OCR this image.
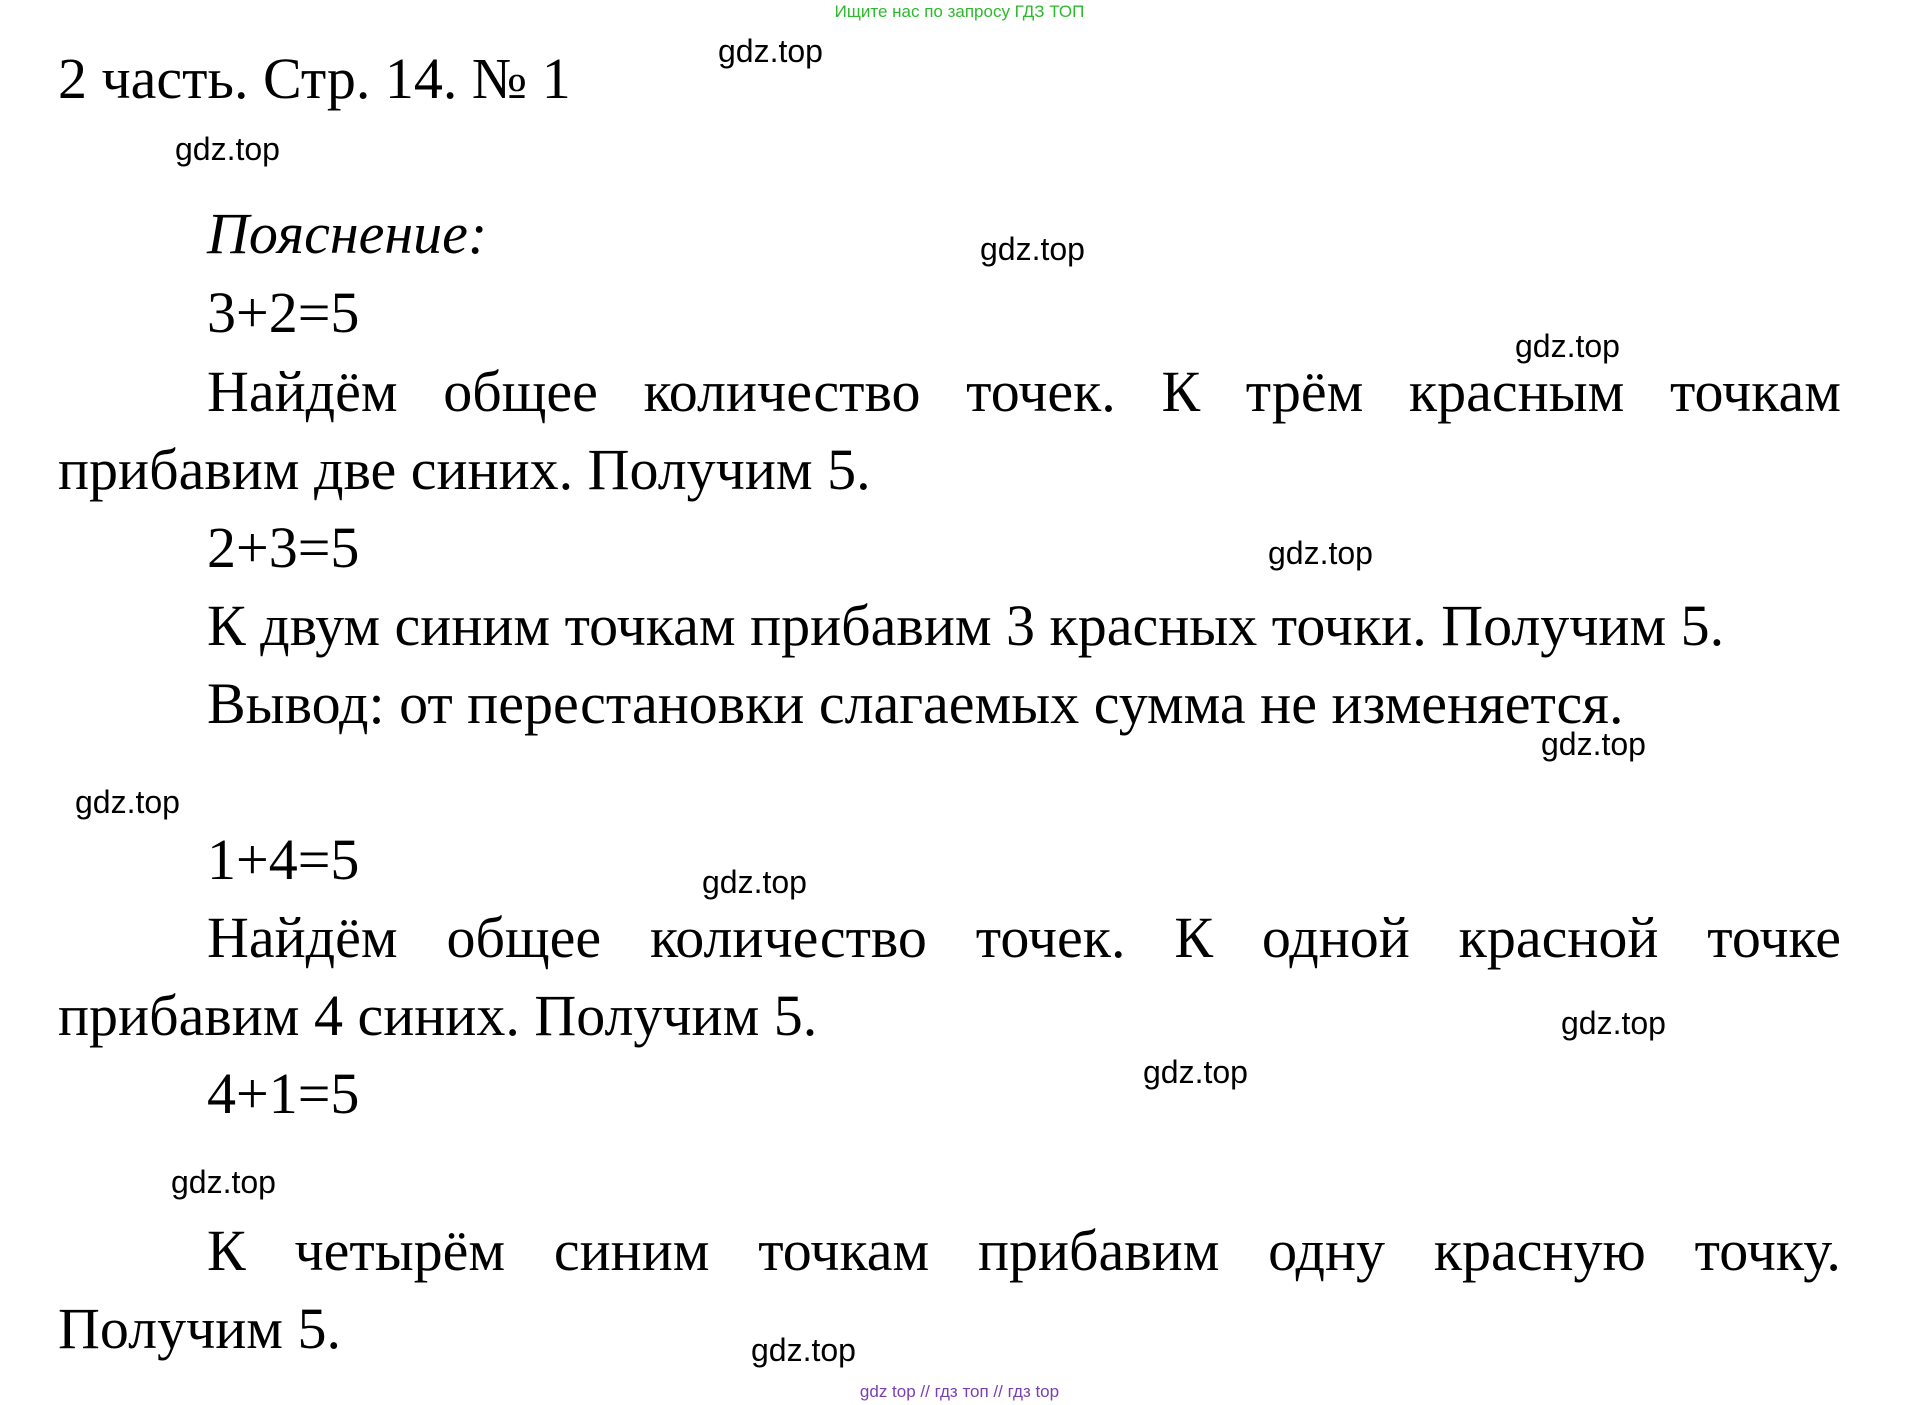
Ищите нас по запросу ГДЗ ТОП
2 часть. Стр. 14. № 1
Пояснение:
3+2=5
Найдём общее количество точек. К трём красным точкам
прибавим две синих. Получим 5.
2+3=5
К двум синим точкам прибавим 3 красных точки. Получим 5.
Вывод: от перестановки слагаемых сумма не изменяется.
1+4=5
Найдём общее количество точек. К одной красной точке
прибавим 4 синих. Получим 5.
4+1=5
К четырём синим точкам прибавим одну красную точку.
Получим 5.
gdz.top
gdz.top
gdz.top
gdz.top
gdz.top
gdz.top
gdz.top
gdz.top
gdz.top
gdz.top
gdz.top
gdz.top
gdz top // гдз топ // гдз top
